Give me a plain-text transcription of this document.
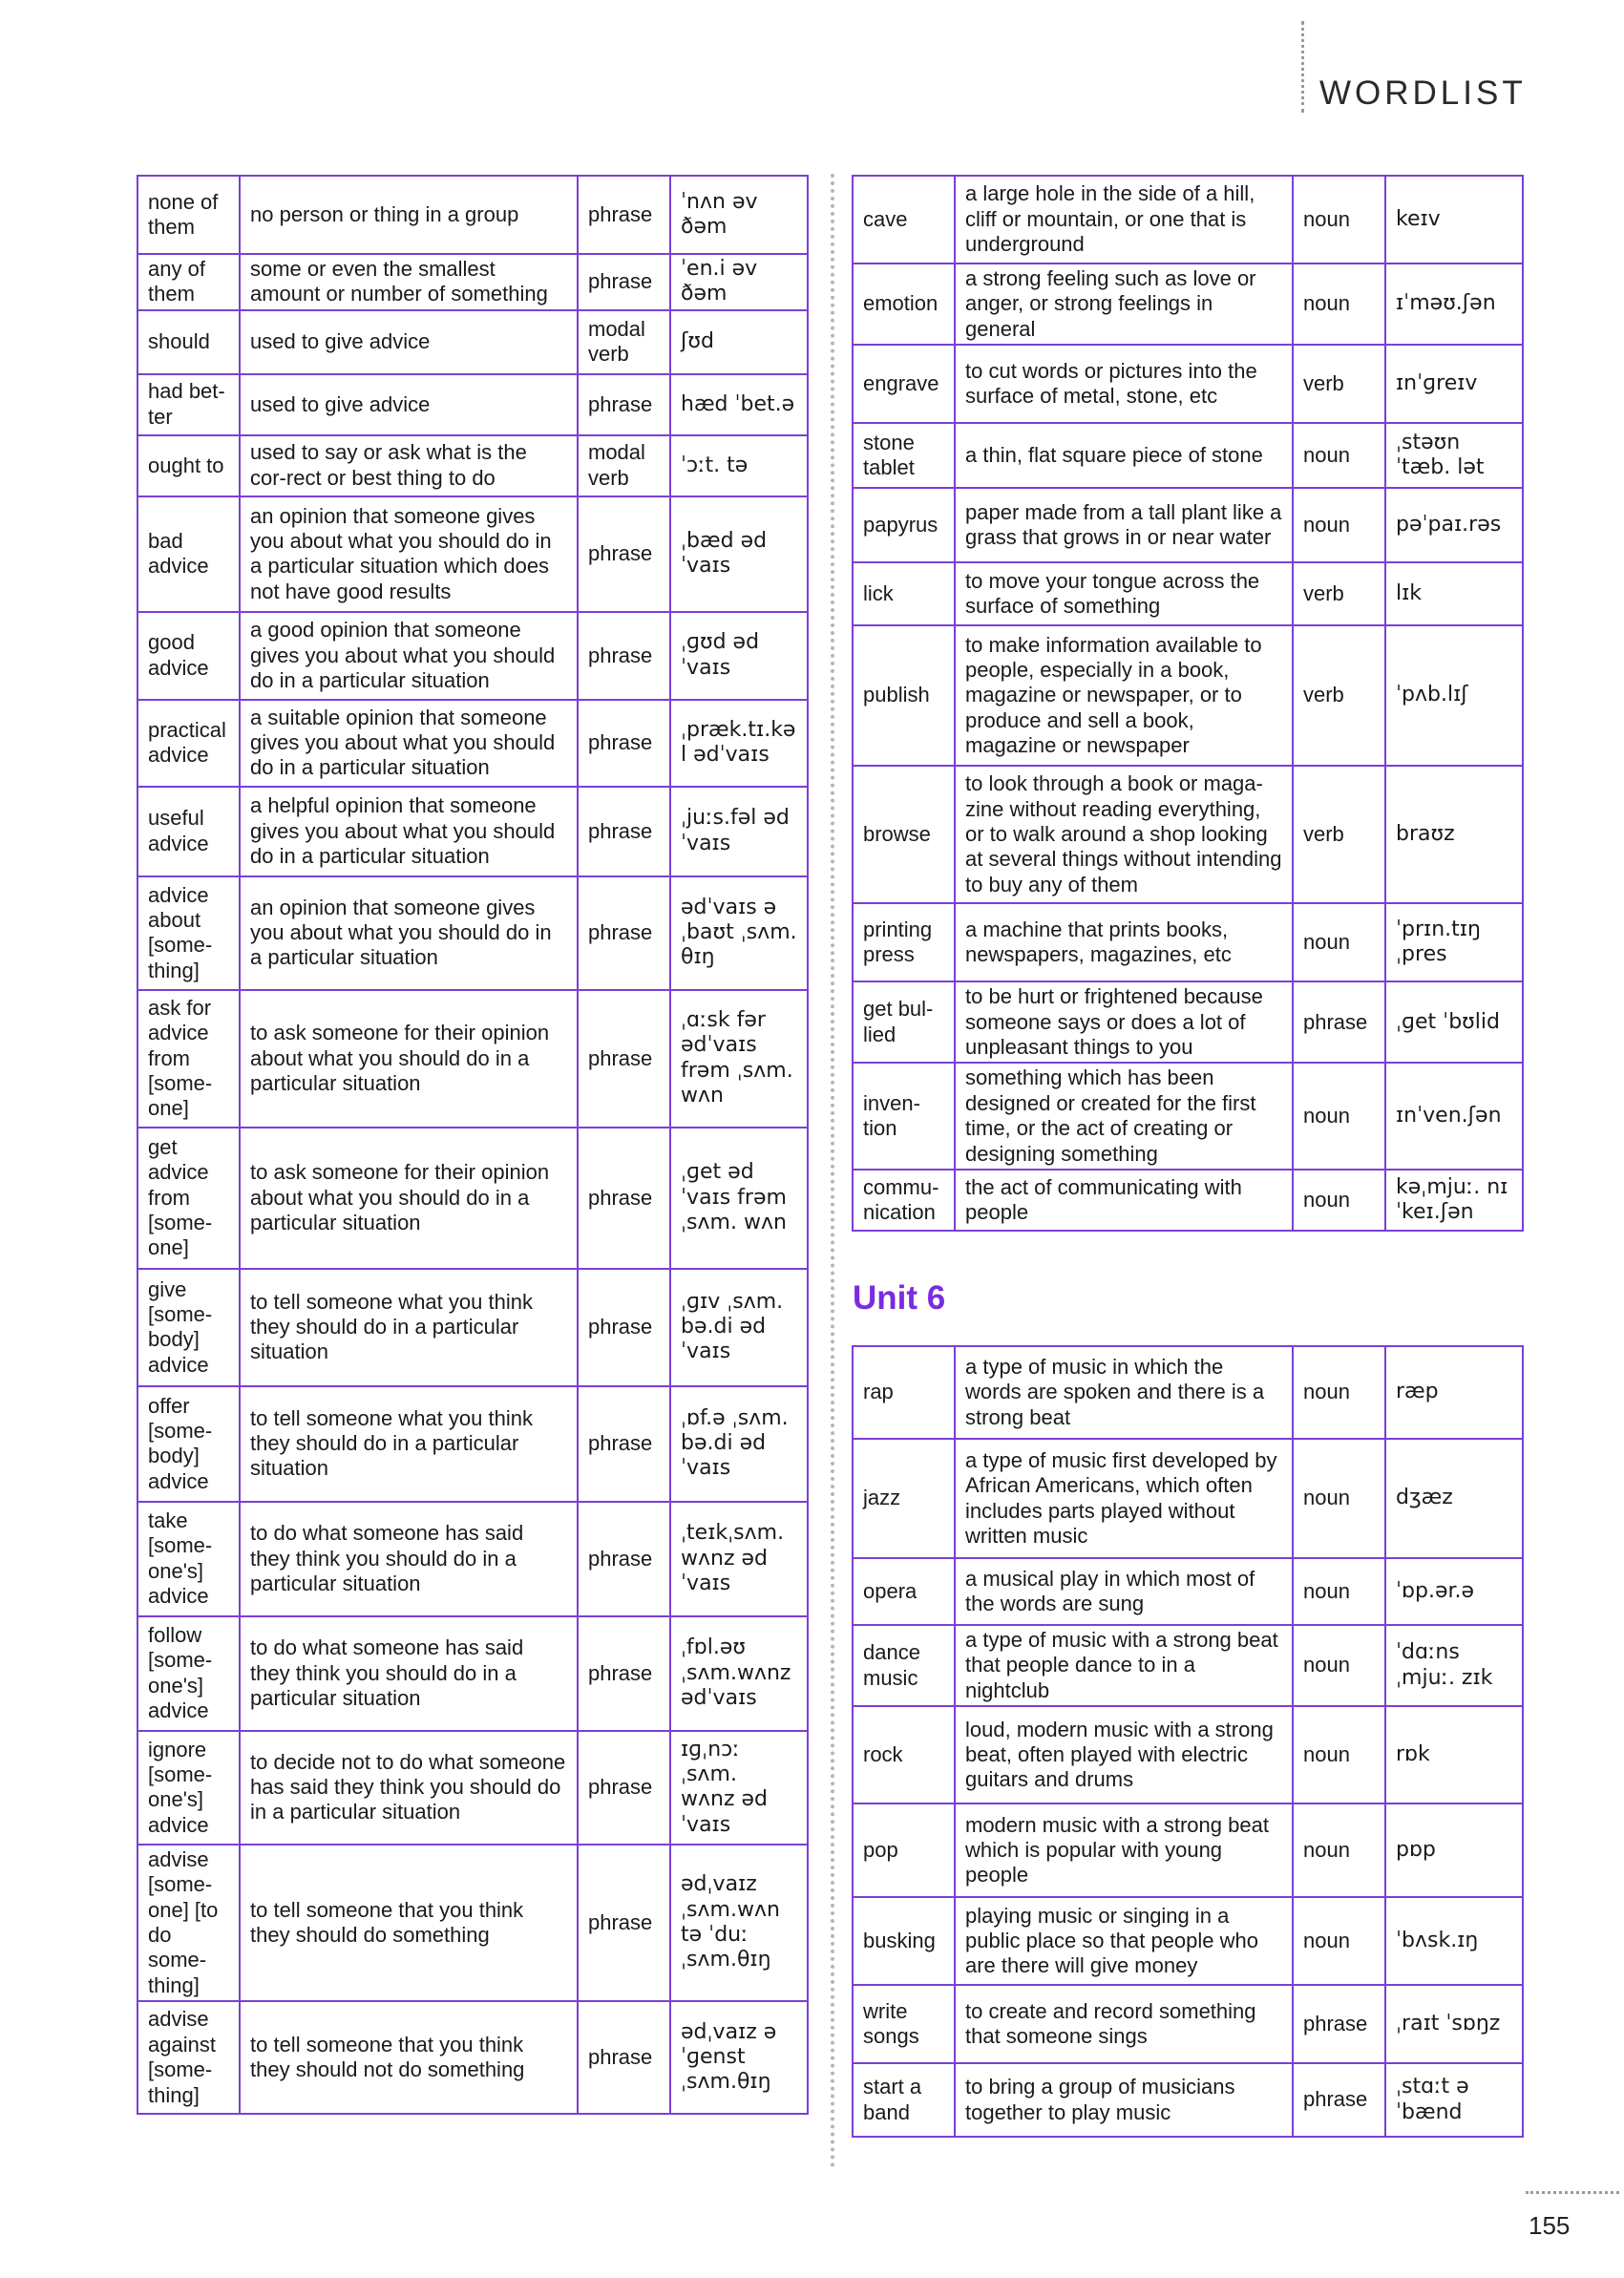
WORDLIST
none of them	no person or thing in a group	phrase	ˈnʌn əv ðəm
any of them	some or even the smallest amount or number of something	phrase	ˈen.i əv ðəm
should	used to give advice	modal verb	ʃʊd
had bet-ter	used to give advice	phrase	hæd ˈbet.ə
ought to	used to say or ask what is the cor-rect or best thing to do	modal verb	ˈɔːt. tə
bad advice	an opinion that someone gives you about what you should do in a particular situation which does not have good results	phrase	ˌbæd ədˈvaɪs
good advice	a good opinion that someone gives you about what you should do in a particular situation	phrase	ˌɡʊd ədˈvaɪs
practical advice	a suitable opinion that someone gives you about what you should do in a particular situation	phrase	ˌpræk.tɪ.kəl ədˈvaɪs
useful advice	a helpful opinion that someone gives you about what you should do in a particular situation	phrase	ˌjuːs.fəl ədˈvaɪs
advice about [some-thing]	an opinion that someone gives you about what you should do in a particular situation	phrase	ədˈvaɪs əˌbaʊt ˌsʌm. θɪŋ
ask for advice from [some-one]	to ask someone for their opinion about what you should do in a particular situation	phrase	ˌɑːsk fər ədˈvaɪs frəm ˌsʌm. wʌn
get advice from [some-one]	to ask someone for their opinion about what you should do in a particular situation	phrase	ˌɡet ədˈvaɪs frəm ˌsʌm. wʌn
give [some-body] advice	to tell someone what you think they should do in a particular situation	phrase	ˌɡɪv ˌsʌm. bə.di ədˈvaɪs
offer [some-body] advice	to tell someone what you think they should do in a particular situation	phrase	ˌɒf.ə ˌsʌm. bə.di ədˈvaɪs
take [some-one's] advice	to do what someone has said they think you should do in a particular situation	phrase	ˌteɪkˌsʌm. wʌnz ədˈvaɪs
follow [some-one's] advice	to do what someone has said they think you should do in a particular situation	phrase	ˌfɒl.əʊ ˌsʌm.wʌnz ədˈvaɪs
ignore [some-one's] advice	to decide not to do what someone has said they think you should do in a particular situation	phrase	ɪɡˌnɔː ˌsʌm. wʌnz ədˈvaɪs
advise [some-one] [to do some-thing]	to tell someone that you think they should do something	phrase	ədˌvaɪz ˌsʌm.wʌn tə ˈduː ˌsʌm.θɪŋ
advise against [some-thing]	to tell someone that you think they should not do something	phrase	ədˌvaɪz əˈɡenst ˌsʌm.θɪŋ
cave	a large hole in the side of a hill, cliff or mountain, or one that is underground	noun	keɪv
emotion	a strong feeling such as love or anger, or strong feelings in general	noun	ɪˈməʊ.ʃən
engrave	to cut words or pictures into the surface of metal, stone, etc	verb	ɪnˈɡreɪv
stone tablet	a thin, flat square piece of stone	noun	ˌstəʊn ˈtæb. lət
papyrus	paper made from a tall plant like a grass that grows in or near water	noun	pəˈpaɪ.rəs
lick	to move your tongue across the surface of something	verb	lɪk
publish	to make information available to people, especially in a book, magazine or newspaper, or to produce and sell a book, magazine or newspaper	verb	ˈpʌb.lɪʃ
browse	to look through a book or maga-zine without reading everything, or to walk around a shop looking at several things without intending to buy any of them	verb	braʊz
printing press	a machine that prints books, newspapers, magazines, etc	noun	ˈprɪn.tɪŋ ˌpres
get bul-lied	to be hurt or frightened because someone says or does a lot of unpleasant things to you	phrase	ˌɡet ˈbʊlid
inven-tion	something which has been designed or created for the first time, or the act of creating or designing something	noun	ɪnˈven.ʃən
commu-nication	the act of communicating with people	noun	kəˌmjuː. nɪˈkeɪ.ʃən
Unit 6
rap	a type of music in which the words are spoken and there is a strong beat	noun	ræp
jazz	a type of music first developed by African Americans, which often includes parts played without written music	noun	dʒæz
opera	a musical play in which most of the words are sung	noun	ˈɒp.ər.ə
dance music	a type of music with a strong beat that people dance to in a nightclub	noun	ˈdɑːns ˌmjuː. zɪk
rock	loud, modern music with a strong beat, often played with electric guitars and drums	noun	rɒk
pop	modern music with a strong beat which is popular with young people	noun	pɒp
busking	playing music or singing in a public place so that people who are there will give money	noun	ˈbʌsk.ɪŋ
write songs	to create and record something that someone sings	phrase	ˌraɪt ˈsɒŋz
start a band	to bring a group of musicians together to play music	phrase	ˌstɑːt ə ˈbænd
155
